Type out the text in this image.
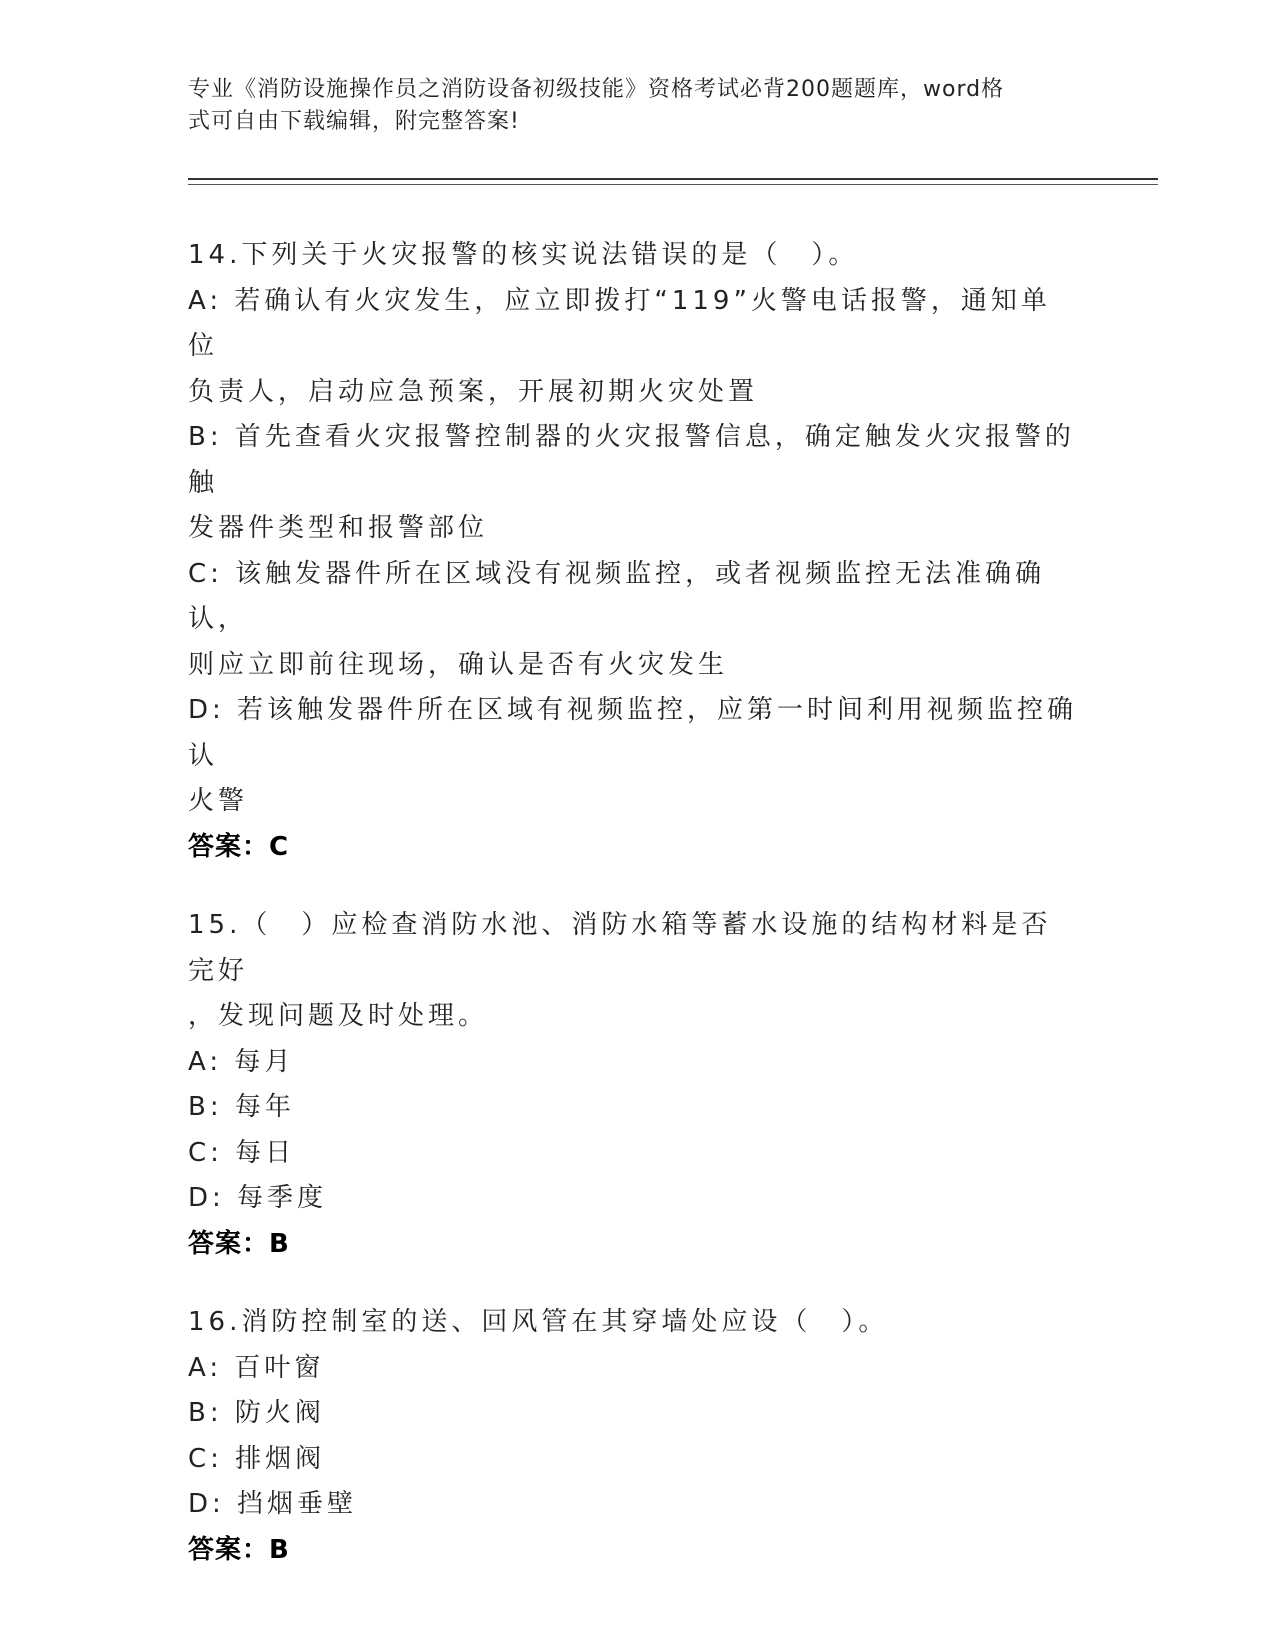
专业《消防设施操作员之消防设备初级技能》资格考试必背200题题库，word格
式可自由下载编辑，附完整答案!
14.下列关于火灾报警的核实说法错误的是（　）。
A: 若确认有火灾发生，应立即拨打“119”火警电话报警，通知单位
负责人，启动应急预案，开展初期火灾处置
B: 首先查看火灾报警控制器的火灾报警信息，确定触发火灾报警的触
发器件类型和报警部位
C: 该触发器件所在区域没有视频监控，或者视频监控无法准确确认，
则应立即前往现场，确认是否有火灾发生
D: 若该触发器件所在区域有视频监控，应第一时间利用视频监控确认
火警
答案：C
15.（　）应检查消防水池、消防水箱等蓄水设施的结构材料是否完好
，发现问题及时处理。
A: 每月
B: 每年
C: 每日
D: 每季度
答案：B
16.消防控制室的送、回风管在其穿墙处应设（　）。
A: 百叶窗
B: 防火阀
C: 排烟阀
D: 挡烟垂壁
答案：B
